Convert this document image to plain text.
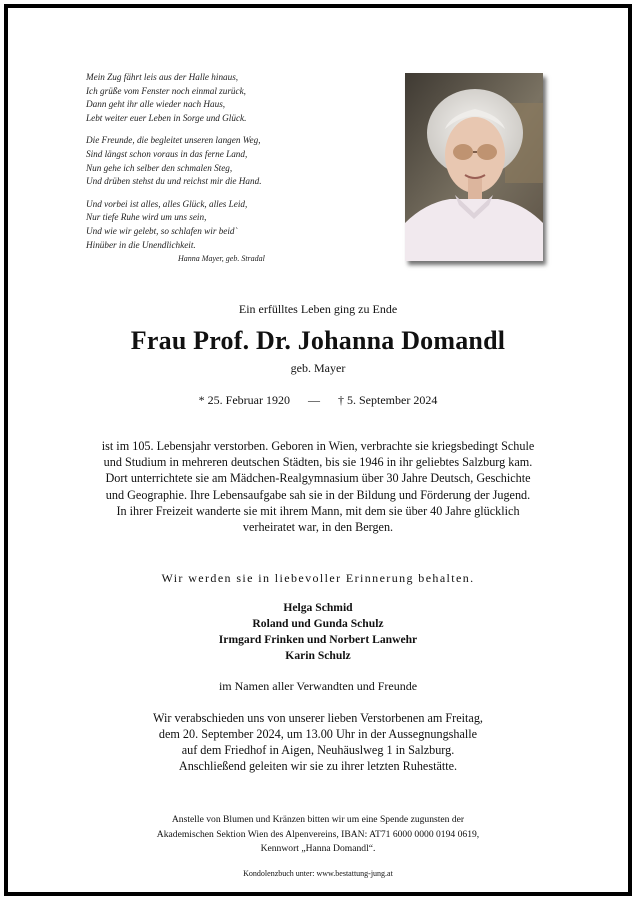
Mein Zug fährt leis aus der Halle hinaus,
Ich grüße vom Fenster noch einmal zurück,
Dann geht ihr alle wieder nach Haus,
Lebt weiter euer Leben in Sorge und Glück.
Die Freunde, die begleitet unseren langen Weg,
Sind längst schon voraus in das ferne Land,
Nun gehe ich selber den schmalen Steg,
Und drüben stehst du und reichst mir die Hand.
Und vorbei ist alles, alles Glück, alles Leid,
Nur tiefe Ruhe wird um uns sein,
Und wie wir gelebt, so schlafen wir beid`
Hinüber in die Unendlichkeit.
Hanna Mayer, geb. Stradal
Ein erfülltes Leben ging zu Ende
Frau Prof. Dr. Johanna Domandl
geb. Mayer
* 25. Februar 1920 — † 5. September 2024
ist im 105. Lebensjahr verstorben. Geboren in Wien, verbrachte sie kriegsbedingt Schule
und Studium in mehreren deutschen Städten, bis sie 1946 in ihr geliebtes Salzburg kam.
Dort unterrichtete sie am Mädchen-Realgymnasium über 30 Jahre Deutsch, Geschichte
und Geographie. Ihre Lebensaufgabe sah sie in der Bildung und Förderung der Jugend.
In ihrer Freizeit wanderte sie mit ihrem Mann, mit dem sie über 40 Jahre glücklich
verheiratet war, in den Bergen.
Wir werden sie in liebevoller Erinnerung behalten.
Helga Schmid
Roland und Gunda Schulz
Irmgard Frinken und Norbert Lanwehr
Karin Schulz
im Namen aller Verwandten und Freunde
Wir verabschieden uns von unserer lieben Verstorbenen am Freitag,
dem 20. September 2024, um 13.00 Uhr in der Aussegnungshalle
auf dem Friedhof in Aigen, Neuhäuslweg 1 in Salzburg.
Anschließend geleiten wir sie zu ihrer letzten Ruhestätte.
Anstelle von Blumen und Kränzen bitten wir um eine Spende zugunsten der
Akademischen Sektion Wien des Alpenvereins, IBAN: AT71 6000 0000 0194 0619,
Kennwort „Hanna Domandl“.
Kondolenzbuch unter: www.bestattung-jung.at
